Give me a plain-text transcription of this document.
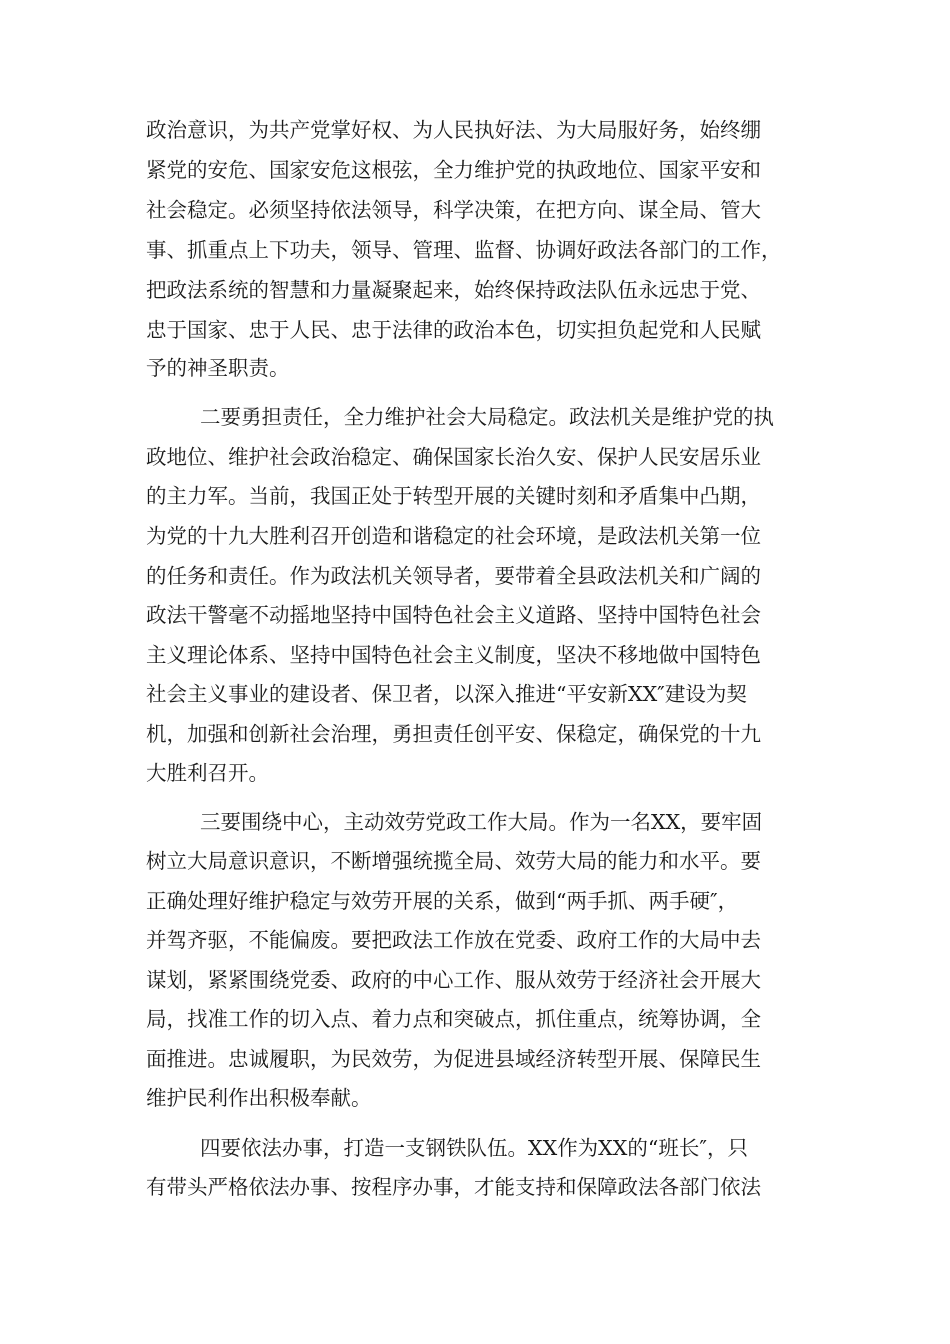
政治意识，为共产党掌好权、为人民执好法、为大局服好务，始终绷
紧党的安危、国家安危这根弦，全力维护党的执政地位、国家平安和
社会稳定。必须坚持依法领导，科学决策，在把方向、谋全局、管大
事、抓重点上下功夫，领导、管理、监督、协调好政法各部门的工作，
把政法系统的智慧和力量凝聚起来，始终保持政法队伍永远忠于党、
忠于国家、忠于人民、忠于法律的政治本色，切实担负起党和人民赋
予的神圣职责。
二要勇担责任，全力维护社会大局稳定。政法机关是维护党的执
政地位、维护社会政治稳定、确保国家长治久安、保护人民安居乐业
的主力军。当前，我国正处于转型开展的关键时刻和矛盾集中凸期，
为党的十九大胜利召开创造和谐稳定的社会环境，是政法机关第一位
的任务和责任。作为政法机关领导者，要带着全县政法机关和广阔的
政法干警毫不动摇地坚持中国特色社会主义道路、坚持中国特色社会
主义理论体系、坚持中国特色社会主义制度，坚决不移地做中国特色
社会主义事业的建设者、保卫者，以深入推进“平安新XX″建设为契
机，加强和创新社会治理，勇担责任创平安、保稳定，确保党的十九
大胜利召开。
三要围绕中心，主动效劳党政工作大局。作为一名XX，要牢固
树立大局意识意识，不断增强统揽全局、效劳大局的能力和水平。要
正确处理好维护稳定与效劳开展的关系，做到“两手抓、两手硬″，
并驾齐驱，不能偏废。要把政法工作放在党委、政府工作的大局中去
谋划，紧紧围绕党委、政府的中心工作、服从效劳于经济社会开展大
局，找准工作的切入点、着力点和突破点，抓住重点，统筹协调，全
面推进。忠诚履职，为民效劳，为促进县域经济转型开展、保障民生
维护民利作出积极奉献。
四要依法办事，打造一支钢铁队伍。XX作为XX的“班长″，只
有带头严格依法办事、按程序办事，才能支持和保障政法各部门依法
